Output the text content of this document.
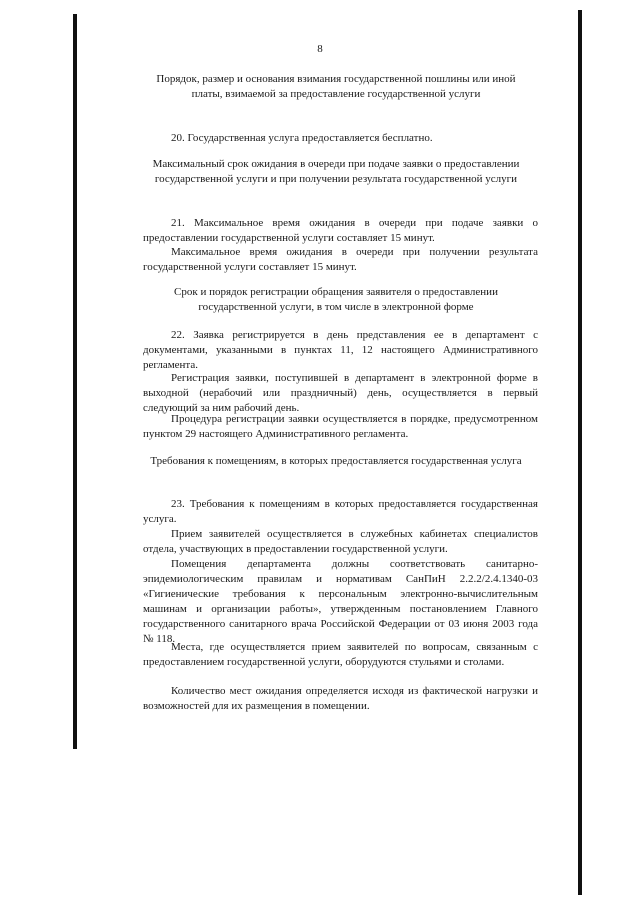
8
Порядок, размер и основания взимания государственной пошлины или иной платы, взимаемой за предоставление государственной услуги

20. Государственная услуга предоставляется бесплатно.

Максимальный срок ожидания в очереди при подаче заявки о предоставлении государственной услуги и при получении результата государственной услуги

21. Максимальное время ожидания в очереди при подаче заявки о предоставлении государственной услуги составляет 15 минут.

Максимальное время ожидания в очереди при получении результата государственной услуги составляет 15 минут.

Срок и порядок регистрации обращения заявителя о предоставлении государственной услуги, в том числе в электронной форме

22. Заявка регистрируется в день представления ее в департамент с документами, указанными в пунктах 11, 12 настоящего Административного регламента.

Регистрация заявки, поступившей в департамент в электронной форме в выходной (нерабочий или праздничный) день, осуществляется в первый следующий за ним рабочий день.

Процедура регистрации заявки осуществляется в порядке, предусмотренном пунктом 29 настоящего Административного регламента.

Требования к помещениям, в которых предоставляется государственная услуга

23. Требования к помещениям в которых предоставляется государственная услуга.

Прием заявителей осуществляется в служебных кабинетах специалистов отдела, участвующих в предоставлении государственной услуги.

Помещения департамента должны соответствовать санитарно-эпидемиологическим правилам и нормативам СанПиН 2.2.2/2.4.1340-03 «Гигиенические требования к персональным электронно-вычислительным машинам и организации работы», утвержденным постановлением Главного государственного санитарного врача Российской Федерации от 03 июня 2003 года № 118.

Места, где осуществляется прием заявителей по вопросам, связанным с предоставлением государственной услуги, оборудуются стульями и столами.

Количество мест ожидания определяется исходя из фактической нагрузки и возможностей для их размещения в помещении.
